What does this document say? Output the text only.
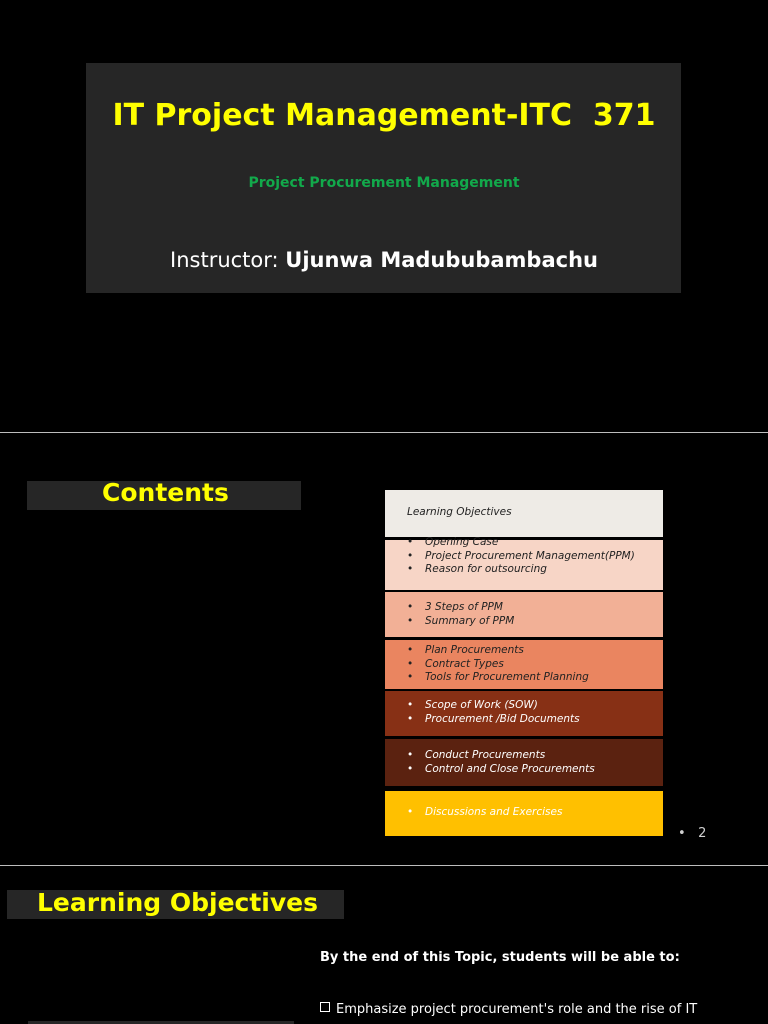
IT Project Management-ITC  371
Project Procurement Management
Instructor: Ujunwa Madububambachu
Contents
Learning Objectives
• Opening Case
• Project Procurement Management(PPM)
• Reason for outsourcing
• 3 Steps of PPM
• Summary of PPM
• Plan Procurements
• Contract Types
• Tools for Procurement Planning
• Scope of Work (SOW)
• Procurement /Bid Documents
• Conduct Procurements
• Control and Close Procurements
• Discussions and Exercises
•   2
Learning Objectives
By the end of this Topic, students will be able to:
Emphasize project procurement's role and the rise of IT
